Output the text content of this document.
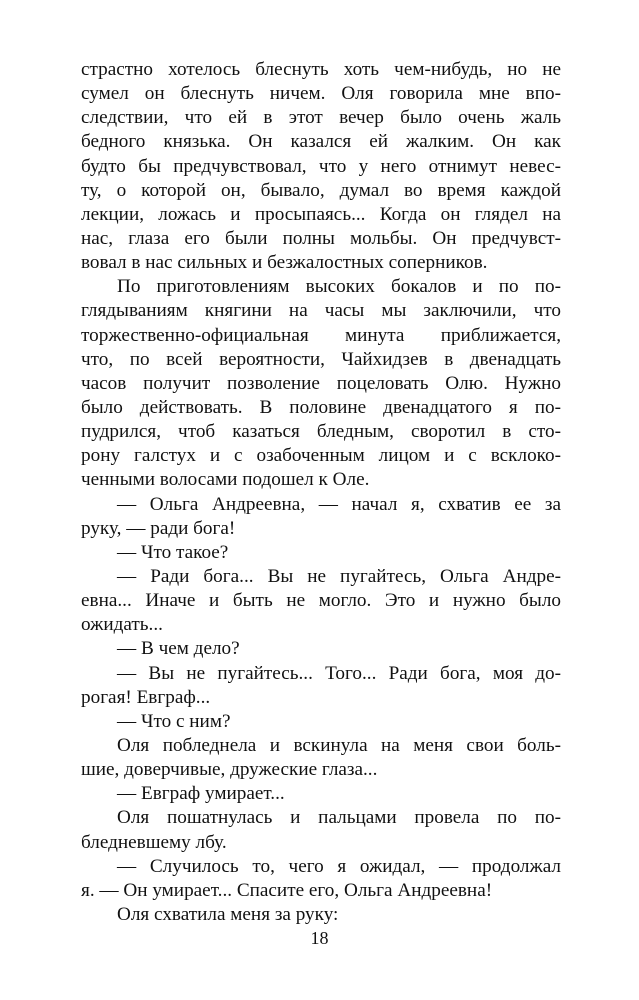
страстно хотелось блеснуть хоть чем-нибудь, но не
сумел он блеснуть ничем. Оля говорила мне впо-
следствии, что ей в этот вечер было очень жаль
бедного князька. Он казался ей жалким. Он как
будто бы предчувствовал, что у него отнимут невес-
ту, о которой он, бывало, думал во время каждой
лекции, ложась и просыпаясь... Когда он глядел на
нас, глаза его были полны мольбы. Он предчувст-
вовал в нас сильных и безжалостных соперников.
По приготовлениям высоких бокалов и по по-
глядываниям княгини на часы мы заключили, что
торжественно-официальная минута приближается,
что, по всей вероятности, Чайхидзев в двенадцать
часов получит позволение поцеловать Олю. Нужно
было действовать. В половине двенадцатого я по-
пудрился, чтоб казаться бледным, своротил в сто-
рону галстух и с озабоченным лицом и с всклоко-
ченными волосами подошел к Оле.
— Ольга Андреевна, — начал я, схватив ее за
руку, — ради бога!
— Что такое?
— Ради бога... Вы не пугайтесь, Ольга Андре-
евна... Иначе и быть не могло. Это и нужно было
ожидать...
— В чем дело?
— Вы не пугайтесь... Того... Ради бога, моя до-
рогая! Евграф...
— Что с ним?
Оля побледнела и вскинула на меня свои боль-
шие, доверчивые, дружеские глаза...
— Евграф умирает...
Оля пошатнулась и пальцами провела по по-
бледневшему лбу.
— Случилось то, чего я ожидал, — продолжал
я. — Он умирает... Спасите его, Ольга Андреевна!
Оля схватила меня за руку:
18
